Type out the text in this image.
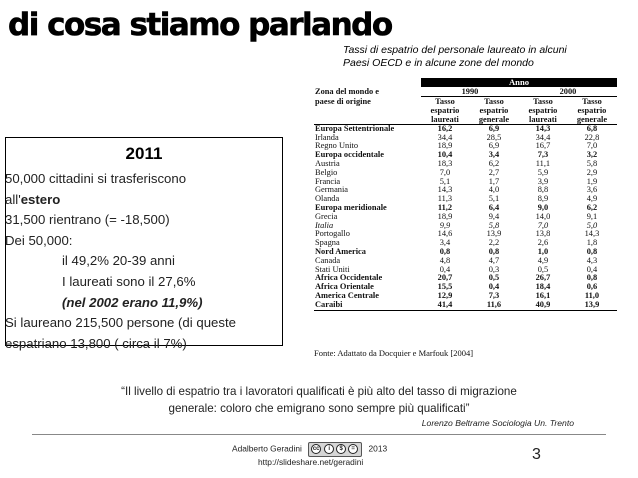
di cosa stiamo parlando
Tassi di espatrio del personale laureato in alcuni
Paesi OECD e in alcune zone del mondo
2011
50,000 cittadini si trasferiscono
all'estero
31,500 rientrano (= -18,500)
Dei 50,000:
il 49,2% 20-39 anni
I laureati sono il 27,6%
(nel 2002 erano 11,9%)
Si laureano 215,500 persone (di queste
espatriano 13,800 ( circa il 7%)
	Anno			
Zona del mondo e	1990		2000	
paese di origine	Tasso	Tasso	Tasso	Tasso
	espatrio	espatrio	espatrio	espatrio
	laureati	generale	laureati	generale
Europa Settentrionale	16,2	6,9	14,3	6,8
Irlanda	34,4	28,5	34,4	22,8
Regno Unito	18,9	6,9	16,7	7,0
Europa occidentale	10,4	3,4	7,3	3,2
Austria	18,3	6,2	11,1	5,8
Belgio	7,0	2,7	5,9	2,9
Francia	5,1	1,7	3,9	1,9
Germania	14,3	4,0	8,8	3,6
Olanda	11,3	5,1	8,9	4,9
Europa meridionale	11,2	6,4	9,0	6,2
Grecia	18,9	9,4	14,0	9,1
Italia	9,9	5,8	7,0	5,0
Portogallo	14,6	13,9	13,8	14,3
Spagna	3,4	2,2	2,6	1,8
Nord America	0,8	0,8	1,0	0,8
Canada	4,8	4,7	4,9	4,3
Stati Uniti	0,4	0,3	0,5	0,4
Africa Occidentale	20,7	0,5	26,7	0,8
Africa Orientale	15,5	0,4	18,4	0,6
America Centrale	12,9	7,3	16,1	11,0
Caraibi	41,4	11,6	40,9	13,9
Fonte: Adattato da Docquier e Marfouk [2004]
“Il livello di espatrio tra i lavoratori qualificati è più alto del tasso di migrazione
generale: coloro che emigrano sono sempre più qualificati”
Lorenzo Beltrame Sociologia Un. Trento
Adalberto Geradini cc	i	$	=	2013
http://slideshare.net/geradini	3
